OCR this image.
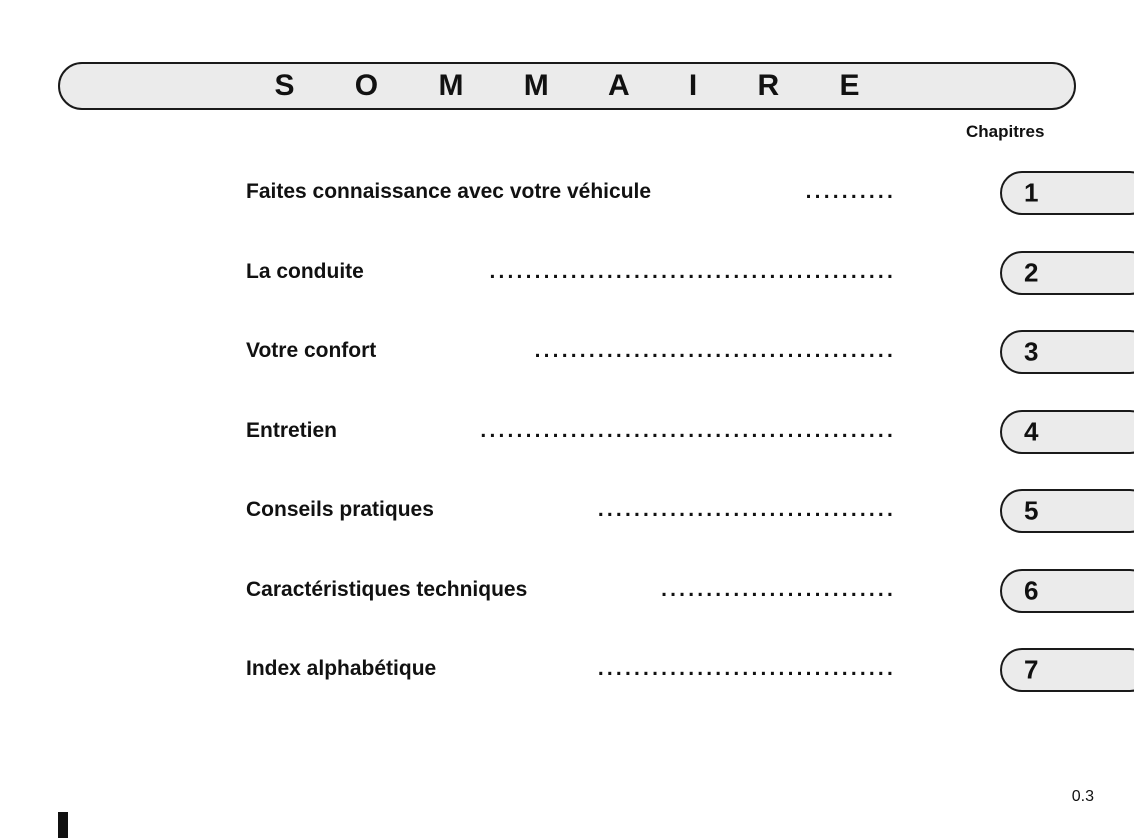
S O M M A I R E
Chapitres
Faites connaissance avec votre véhicule	..........	1
La conduite	.............................................	2
Votre confort	........................................	3
Entretien	..............................................	4
Conseils pratiques	.................................	5
Caractéristiques techniques	..........................	6
Index alphabétique	.................................	7
0.3
